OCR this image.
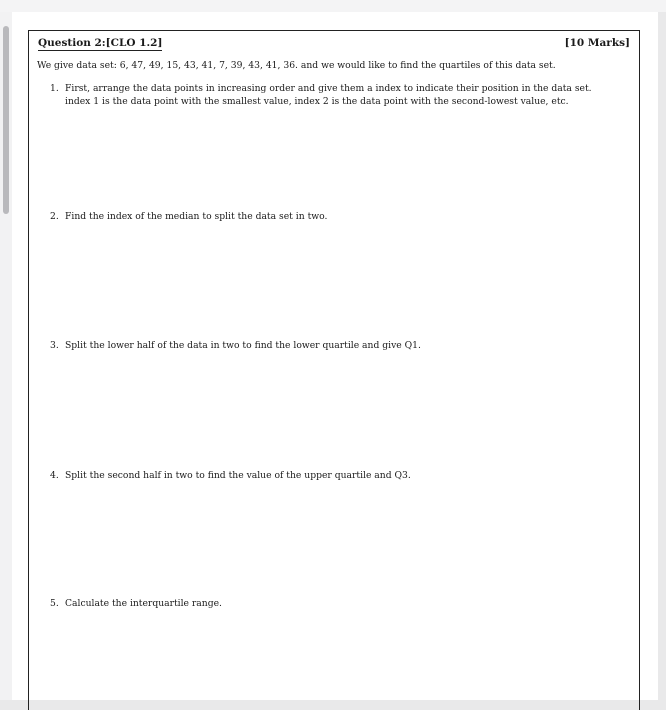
Question 2:[CLO 1.2]	[10 Marks]
We give data set: 6, 47, 49, 15, 43, 41, 7, 39, 43, 41, 36. and we would like to find the quartiles of this data set.
1. First, arrange the data points in increasing order and give them a index to indicate their position in the data set. index 1 is the data point with the smallest value, index 2 is the data point with the second-lowest value, etc.
2. Find the index of the median to split the data set in two.
3. Split the lower half of the data in two to find the lower quartile and give Q1.
4. Split the second half in two to find the value of the upper quartile and Q3.
5. Calculate the interquartile range.
